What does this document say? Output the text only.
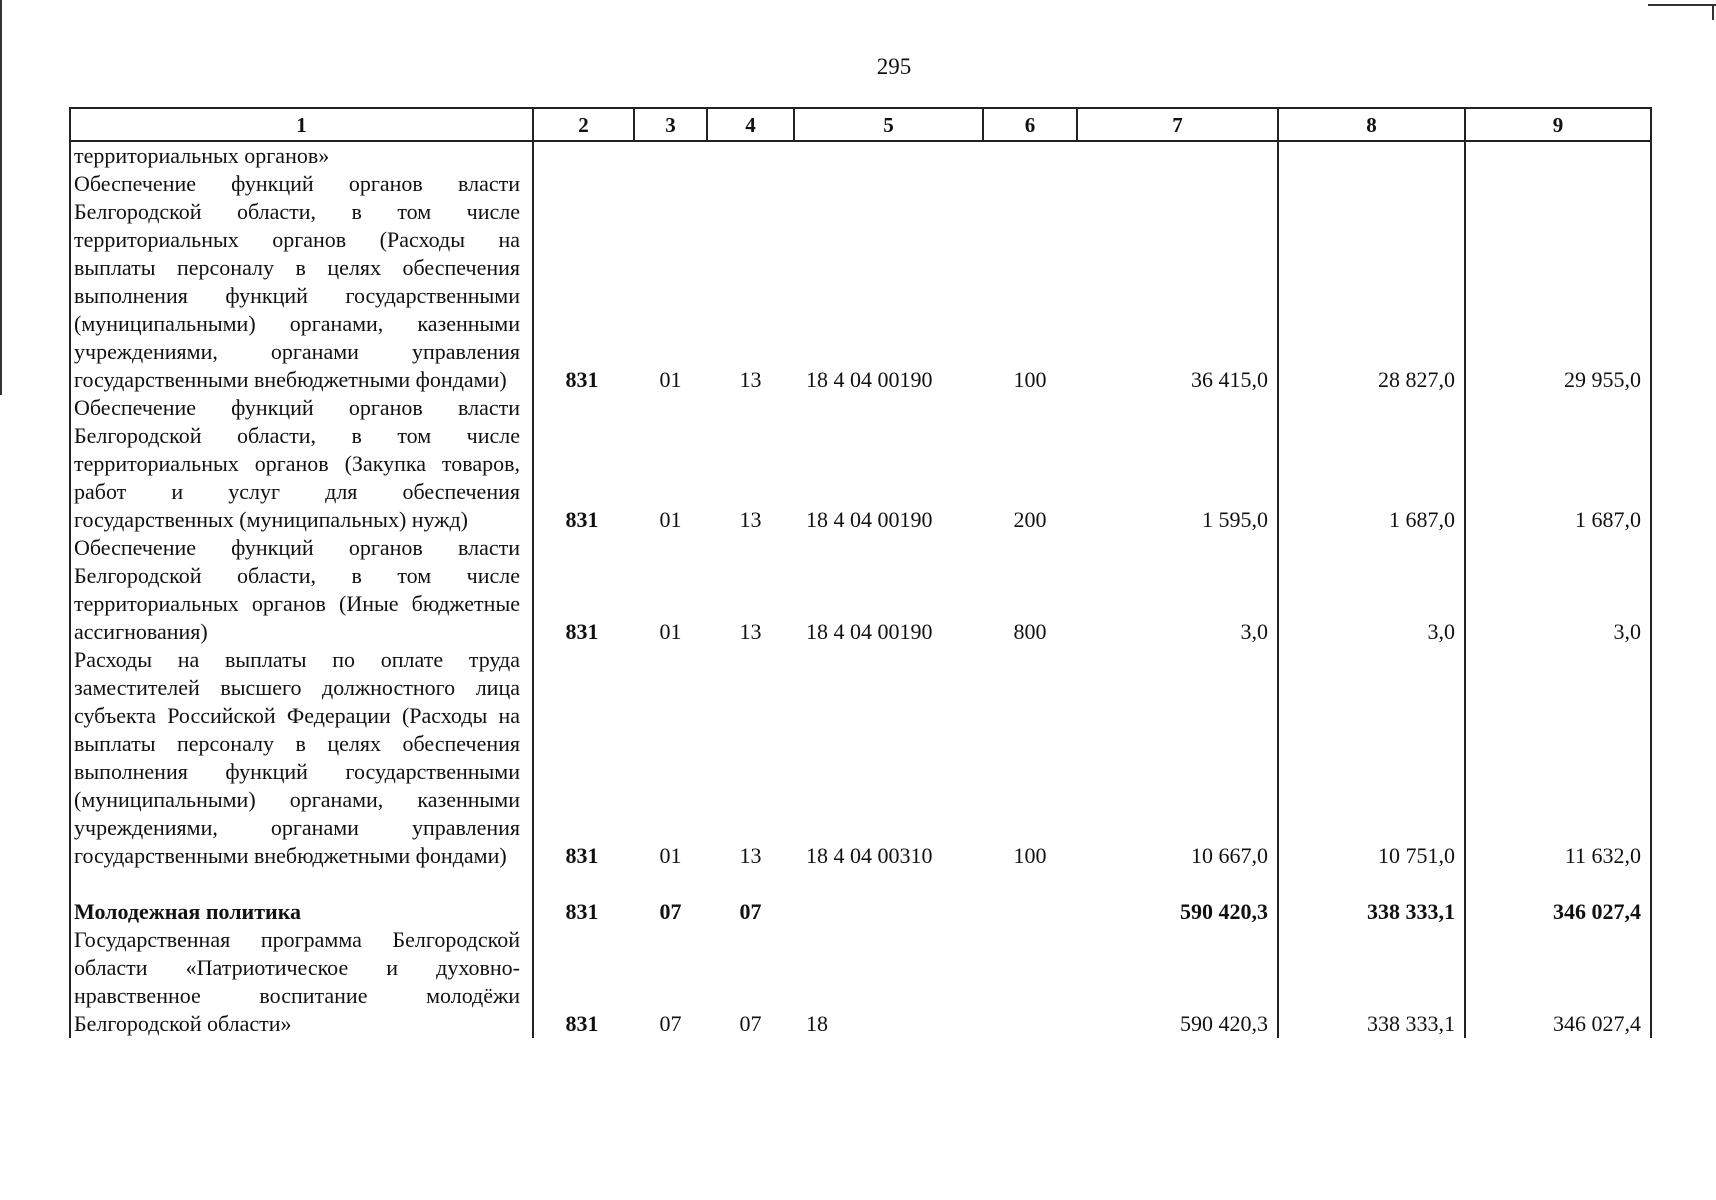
295
1	2	3	4	5	6	7	8	9
территориальных органов»								
Обеспечение функций органов власти Белгородской области, в том числе территориальных органов (Расходы на выплаты персоналу в целях обеспечения выполнения функций государственными (муниципальными) органами, казенными учреждениями, органами управления государственными внебюджетными фондами)	831	01	13	18 4 04 00190	100	36 415,0	28 827,0	29 955,0
Обеспечение функций органов власти Белгородской области, в том числе территориальных органов (Закупка товаров, работ и услуг для обеспечения государственных (муниципальных) нужд)	831	01	13	18 4 04 00190	200	1 595,0	1 687,0	1 687,0
Обеспечение функций органов власти Белгородской области, в том числе территориальных органов (Иные бюджетные ассигнования)	831	01	13	18 4 04 00190	800	3,0	3,0	3,0
Расходы на выплаты по оплате труда заместителей высшего должностного лица субъекта Российской Федерации (Расходы на выплаты персоналу в целях обеспечения выполнения функций государственными (муниципальными) органами, казенными учреждениями, органами управления государственными внебюджетными фондами)	831	01	13	18 4 04 00310	100	10 667,0	10 751,0	11 632,0

Молодежная политика	831	07	07			590 420,3	338 333,1	346 027,4
Государственная программа Белгородской области «Патриотическое и духовно-нравственное воспитание молодёжи Белгородской области»	831	07	07	18		590 420,3	338 333,1	346 027,4
